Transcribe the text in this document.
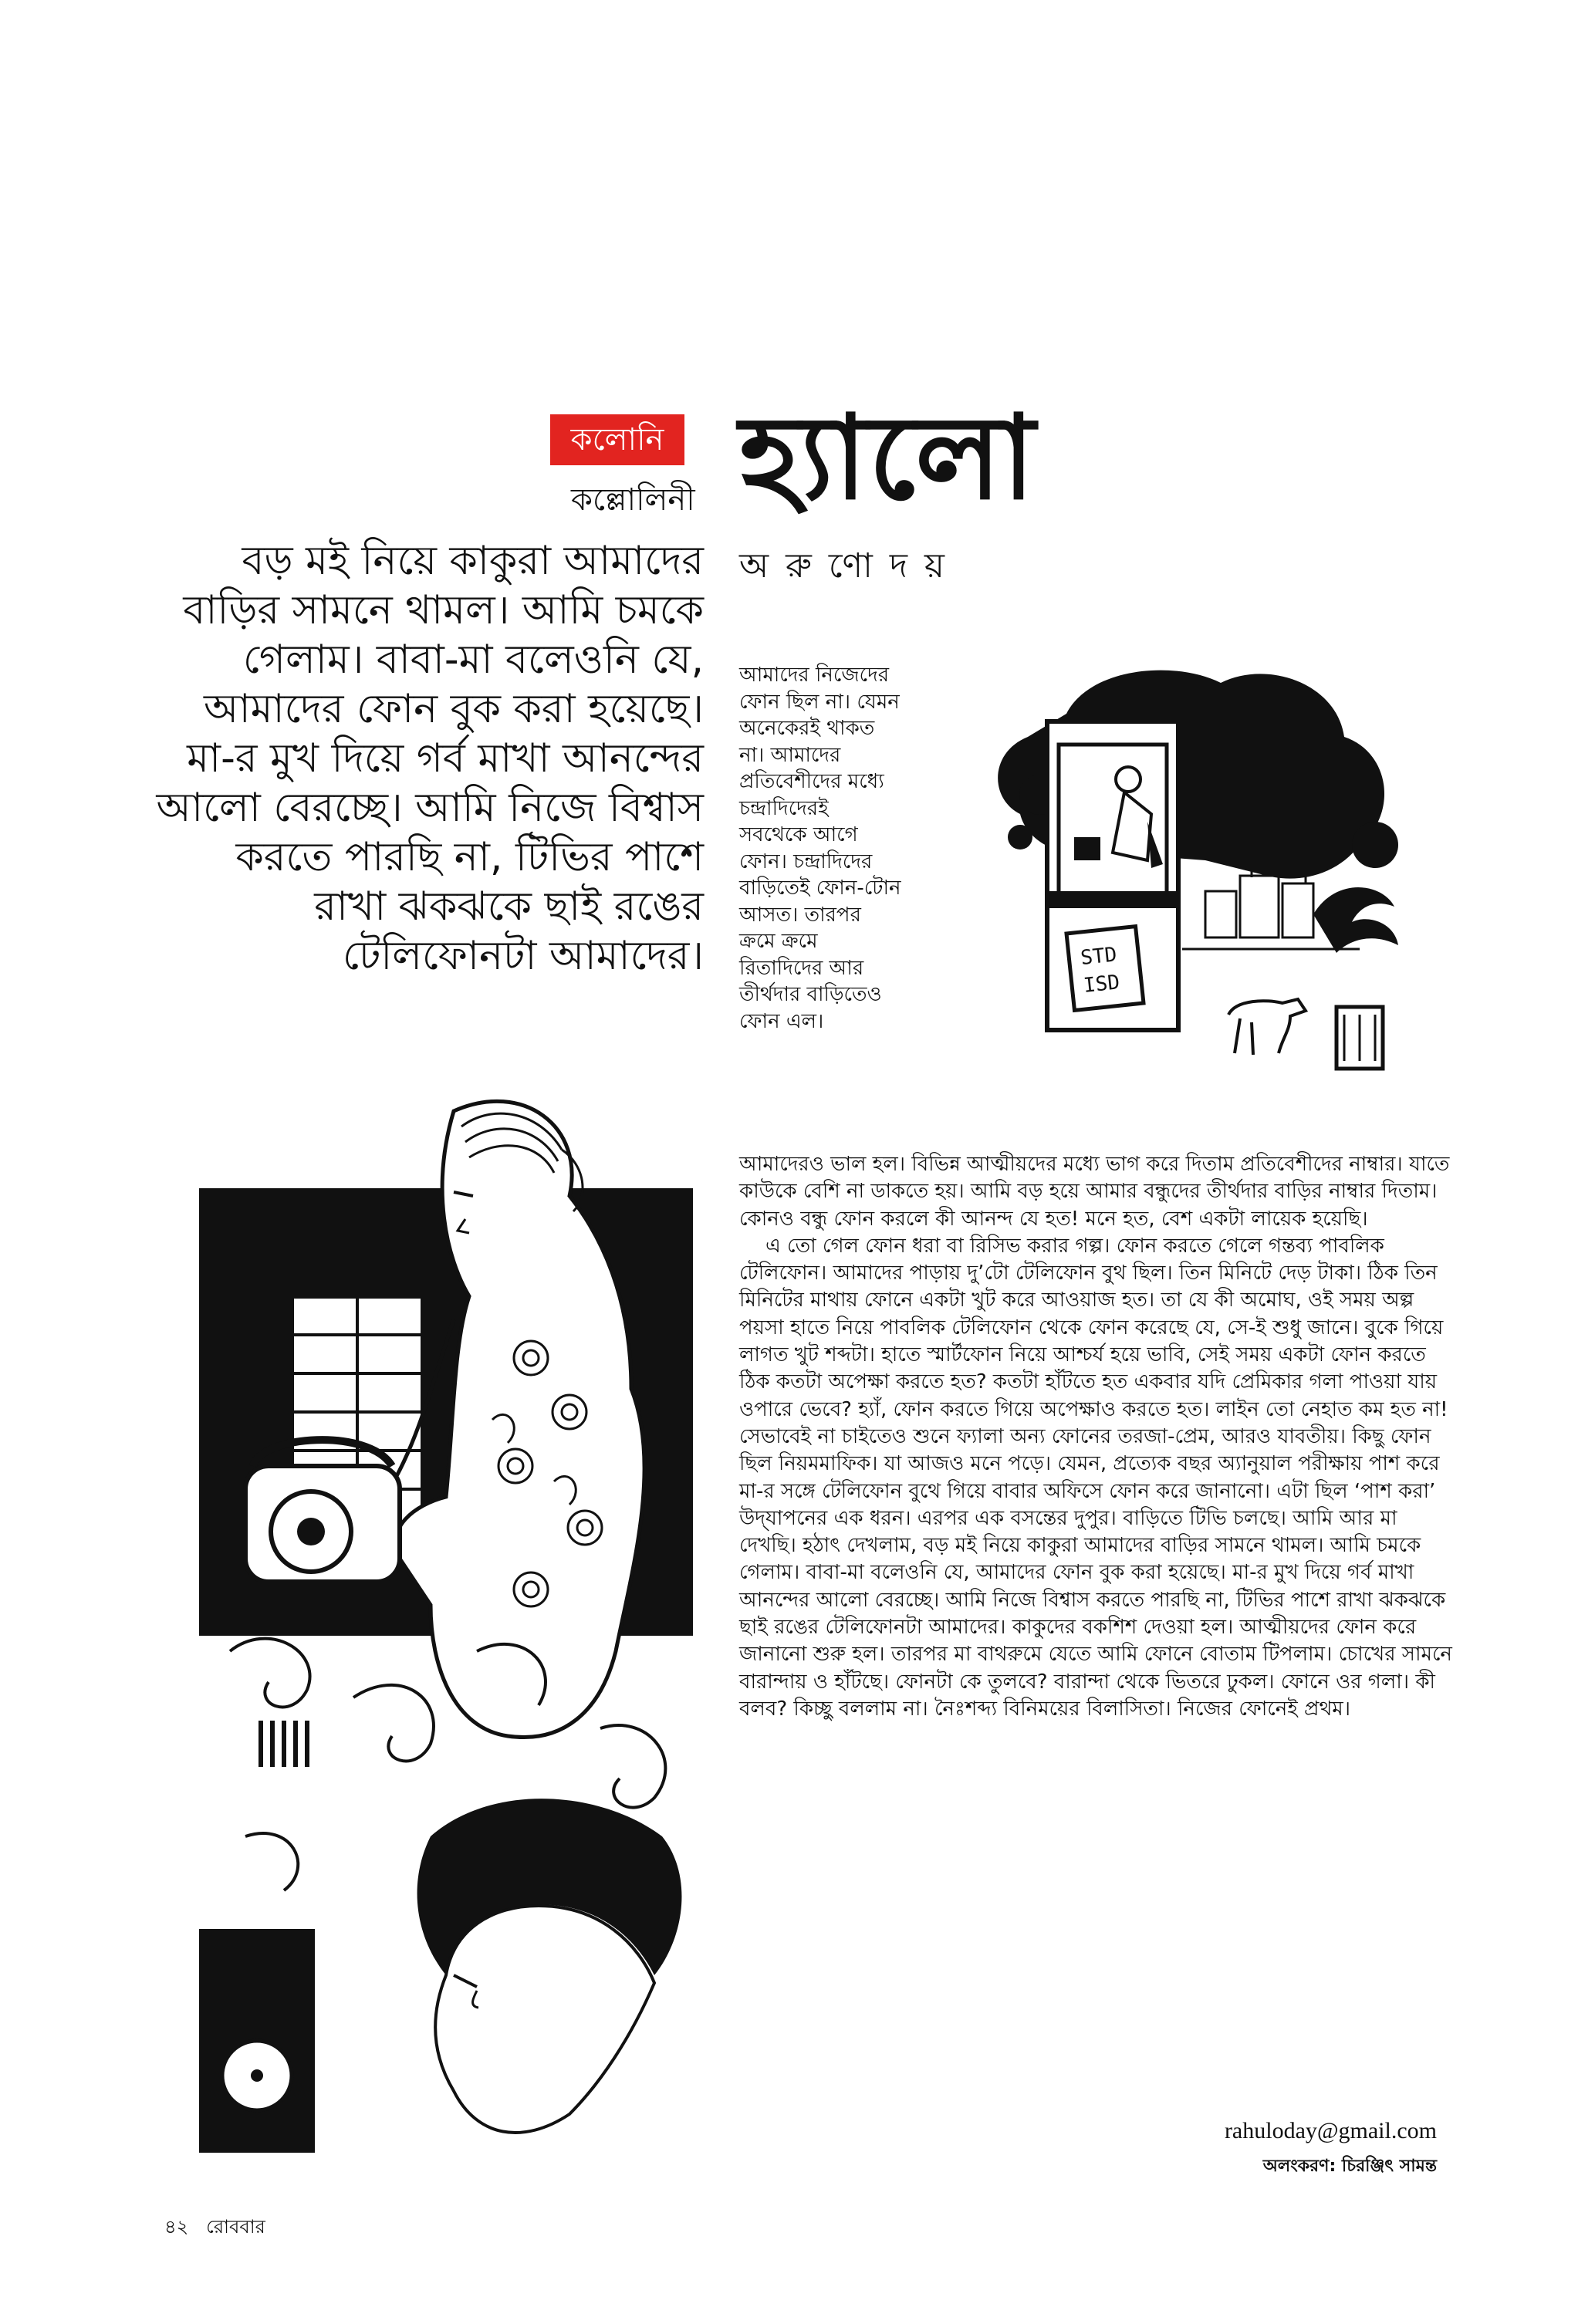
কলোনি
কল্লোলিনী হ্যালো
অরুণোদয়
বড় মই নিয়ে কাকুরা আমাদের বাড়ির সামনে থামল। আমি চমকে গেলাম। বাবা-মা বলেওনি যে, আমাদের ফোন বুক করা হয়েছে। মা-র মুখ দিয়ে গর্ব মাখা আনন্দের আলো বেরচ্ছে। আমি নিজে বিশ্বাস করতে পারছি না, টিভির পাশে রাখা ঝকঝকে ছাই রঙের টেলিফোনটা আমাদের।
আমাদের নিজেদের
ফোন ছিল না। যেমন
অনেকেরই থাকত
না। আমাদের
প্রতিবেশীদের মধ্যে
চন্দ্রাদিদেরই
সবথেকে আগে
ফোন। চন্দ্রাদিদের
বাড়িতেই ফোন-টোন
আসত। তারপর
ক্রমে ক্রমে
রিতাদিদের আর
তীর্থদার বাড়িতেও
ফোন এল।
STD
ISD

আমাদেরও ভাল হল। বিভিন্ন আত্মীয়দের মধ্যে ভাগ করে দিতাম প্রতিবেশীদের নাম্বার। যাতে কাউকে বেশি না ডাকতে হয়। আমি বড় হয়ে আমার বন্ধুদের তীর্থদার বাড়ির নাম্বার দিতাম। কোনও বন্ধু ফোন করলে কী আনন্দ যে হত! মনে হত, বেশ একটা লায়েক হয়েছি।

এ তো গেল ফোন ধরা বা রিসিভ করার গল্প। ফোন করতে গেলে গন্তব্য পাবলিক টেলিফোন। আমাদের পাড়ায় দু’টো টেলিফোন বুথ ছিল। তিন মিনিটে দেড় টাকা। ঠিক তিন মিনিটের মাথায় ফোনে একটা খুট করে আওয়াজ হত। তা যে কী অমোঘ, ওই সময় অল্প পয়সা হাতে নিয়ে পাবলিক টেলিফোন থেকে ফোন করেছে যে, সে-ই শুধু জানে। বুকে গিয়ে লাগত খুট শব্দটা। হাতে স্মার্টফোন নিয়ে আশ্চর্য হয়ে ভাবি, সেই সময় একটা ফোন করতে ঠিক কতটা অপেক্ষা করতে হত? কতটা হাঁটতে হত একবার যদি প্রেমিকার গলা পাওয়া যায় ওপারে ভেবে? হ্যাঁ, ফোন করতে গিয়ে অপেক্ষাও করতে হত। লাইন তো নেহাত কম হত না! সেভাবেই না চাইতেও শুনে ফ্যালা অন্য ফোনের তরজা-প্রেম, আরও যাবতীয়। কিছু ফোন ছিল নিয়মমাফিক। যা আজও মনে পড়ে। যেমন, প্রত্যেক বছর অ্যানুয়াল পরীক্ষায় পাশ করে মা-র সঙ্গে টেলিফোন বুথে গিয়ে বাবার অফিসে ফোন করে জানানো। এটা ছিল ‘পাশ করা’ উদ্‌যাপনের এক ধরন। এরপর এক বসন্তের দুপুর। বাড়িতে টিভি চলছে। আমি আর মা দেখছি। হঠাৎ দেখলাম, বড় মই নিয়ে কাকুরা আমাদের বাড়ির সামনে থামল। আমি চমকে গেলাম। বাবা-মা বলেওনি যে, আমাদের ফোন বুক করা হয়েছে। মা-র মুখ দিয়ে গর্ব মাখা আনন্দের আলো বেরচ্ছে। আমি নিজে বিশ্বাস করতে পারছি না, টিভির পাশে রাখা ঝকঝকে ছাই রঙের টেলিফোনটা আমাদের। কাকুদের বকশিশ দেওয়া হল। আত্মীয়দের ফোন করে জানানো শুরু হল। তারপর মা বাথরুমে যেতে আমি ফোনে বোতাম টিপলাম। চোখের সামনে বারান্দায় ও হাঁটছে। ফোনটা কে তুলবে? বারান্দা থেকে ভিতরে ঢুকল। ফোনে ওর গলা। কী বলব? কিচ্ছু বললাম না। নৈঃশব্দ্য বিনিময়ের বিলাসিতা। নিজের ফোনেই প্রথম।

rahuloday@gmail.com
অলংকরণ: চিরঞ্জিৎ সামন্ত
৪২ রোববার
